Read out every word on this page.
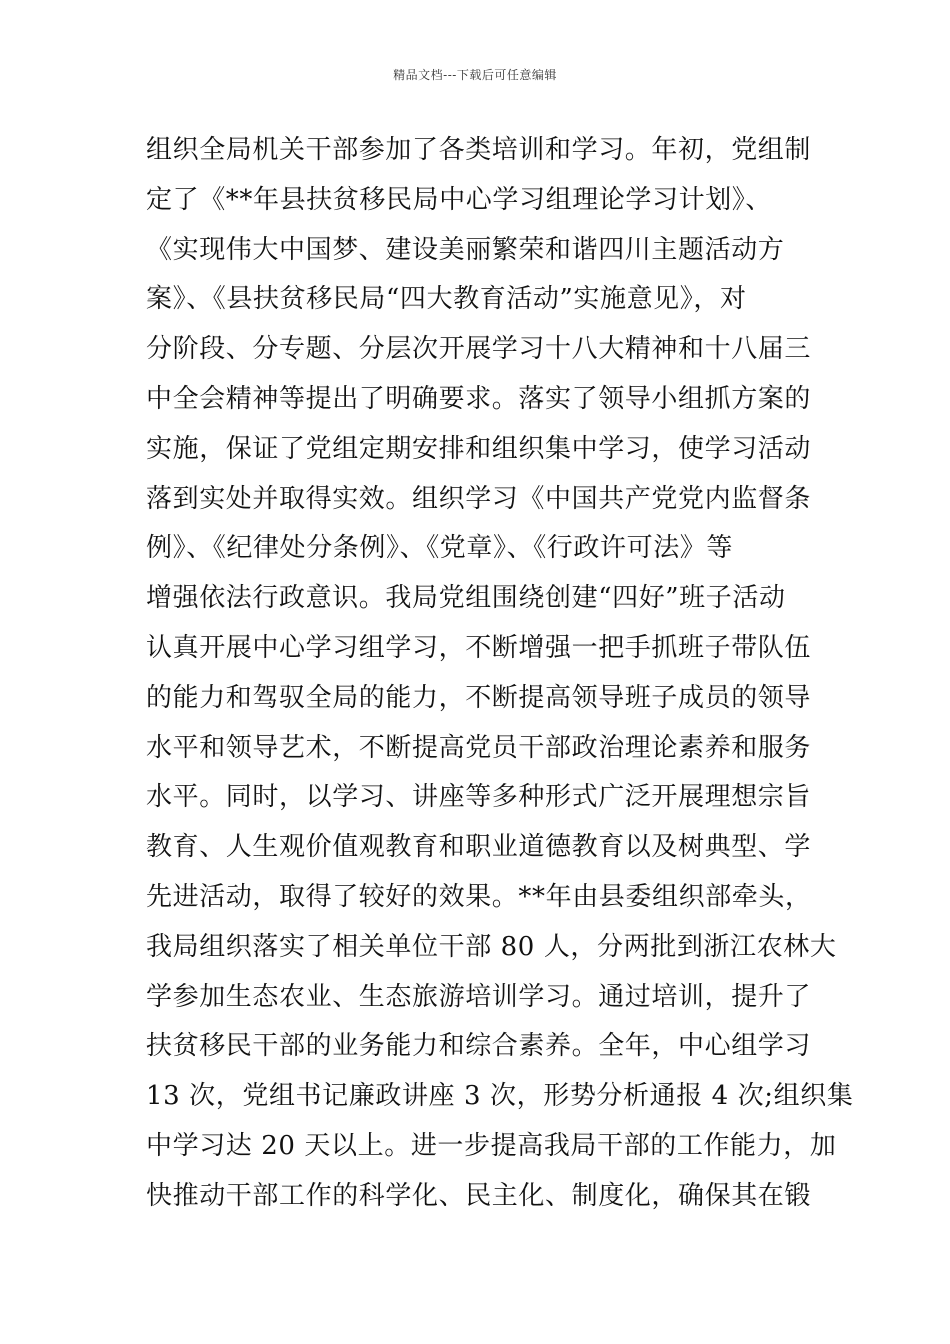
精品文档---下载后可任意编辑
组织全局机关干部参加了各类培训和学习。年初，党组制
定了《**年县扶贫移民局中心学习组理论学习计划》、
《实现伟大中国梦、建设美丽繁荣和谐四川主题活动方
案》、《县扶贫移民局“四大教育活动”实施意见》，对
分阶段、分专题、分层次开展学习十八大精神和十八届三
中全会精神等提出了明确要求。落实了领导小组抓方案的
实施，保证了党组定期安排和组织集中学习，使学习活动
落到实处并取得实效。组织学习《中国共产党党内监督条
例》、《纪律处分条例》、《党章》、《行政许可法》等
增强依法行政意识。我局党组围绕创建“四好”班子活动
认真开展中心学习组学习，不断增强一把手抓班子带队伍
的能力和驾驭全局的能力，不断提高领导班子成员的领导
水平和领导艺术，不断提高党员干部政治理论素养和服务
水平。同时，以学习、讲座等多种形式广泛开展理想宗旨
教育、人生观价值观教育和职业道德教育以及树典型、学
先进活动，取得了较好的效果。**年由县委组织部牵头，
我局组织落实了相关单位干部 80 人，分两批到浙江农林大
学参加生态农业、生态旅游培训学习。通过培训，提升了
扶贫移民干部的业务能力和综合素养。全年，中心组学习
13 次，党组书记廉政讲座 3 次，形势分析通报 4 次;组织集
中学习达 20 天以上。进一步提高我局干部的工作能力，加
快推动干部工作的科学化、民主化、制度化，确保其在锻
